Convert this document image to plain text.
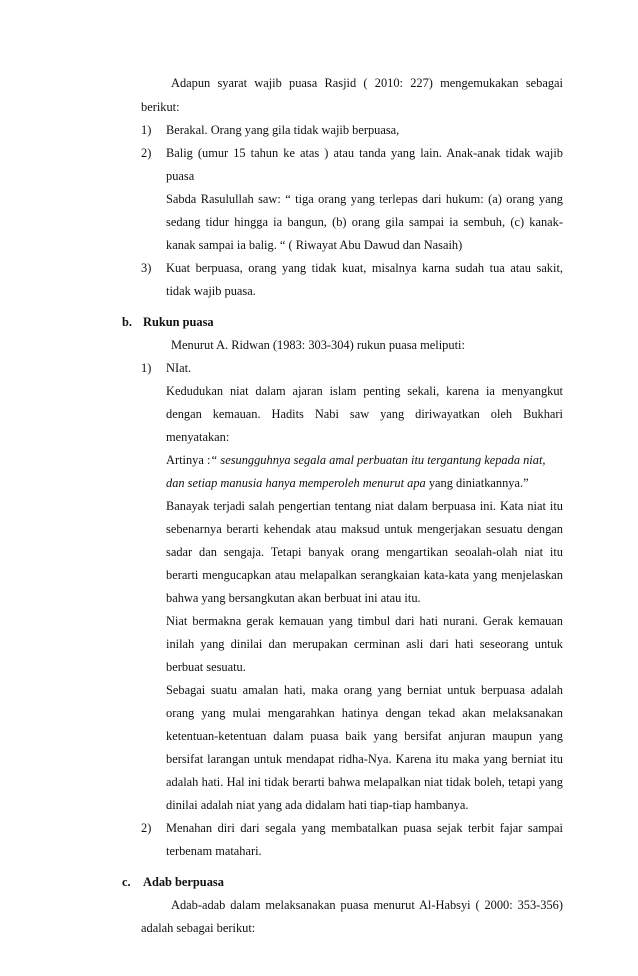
Adapun syarat wajib puasa Rasjid ( 2010: 227) mengemukakan sebagai
berikut:
1) Berakal. Orang yang gila tidak wajib berpuasa,
2) Balig (umur 15 tahun ke atas ) atau tanda yang lain. Anak-anak tidak wajib
puasa
Sabda Rasulullah saw: “ tiga orang yang terlepas dari hukum: (a) orang yang
sedang tidur hingga ia bangun, (b) orang gila sampai ia sembuh, (c) kanak-
kanak sampai ia balig. “ ( Riwayat Abu Dawud dan Nasaih)
3) Kuat berpuasa, orang yang tidak kuat, misalnya karna sudah tua atau sakit,
tidak wajib puasa.
b. Rukun puasa
Menurut A. Ridwan (1983: 303-304) rukun puasa meliputi:
1) NIat.
Kedudukan niat dalam ajaran islam penting sekali, karena ia menyangkut
dengan kemauan. Hadits Nabi saw yang diriwayatkan oleh Bukhari
menyatakan:
Artinya :“ sesungguhnya segala amal perbuatan itu tergantung kepada niat,
dan setiap manusia hanya memperoleh menurut apa yang diniatkannya.”
Banayak terjadi salah pengertian tentang niat dalam berpuasa ini. Kata niat itu
sebenarnya berarti kehendak atau maksud untuk mengerjakan sesuatu dengan
sadar dan sengaja. Tetapi banyak orang mengartikan seoalah-olah niat itu
berarti mengucapkan atau melapalkan serangkaian kata-kata yang menjelaskan
bahwa yang bersangkutan akan berbuat ini atau itu.
Niat bermakna gerak kemauan yang timbul dari hati nurani. Gerak kemauan
inilah yang dinilai dan merupakan cerminan asli dari hati seseorang untuk
berbuat sesuatu.
Sebagai suatu amalan hati, maka orang yang berniat untuk berpuasa adalah
orang yang mulai mengarahkan hatinya dengan tekad akan melaksanakan
ketentuan-ketentuan dalam puasa baik yang bersifat anjuran maupun yang
bersifat larangan untuk mendapat ridha-Nya. Karena itu maka yang berniat itu
adalah hati. Hal ini tidak berarti bahwa melapalkan niat tidak boleh, tetapi yang
dinilai adalah niat yang ada didalam hati tiap-tiap hambanya.
2) Menahan diri dari segala yang membatalkan puasa sejak terbit fajar sampai
terbenam matahari.
c. Adab berpuasa
Adab-adab dalam melaksanakan puasa menurut Al-Habsyi ( 2000: 353-356)
adalah sebagai berikut:
